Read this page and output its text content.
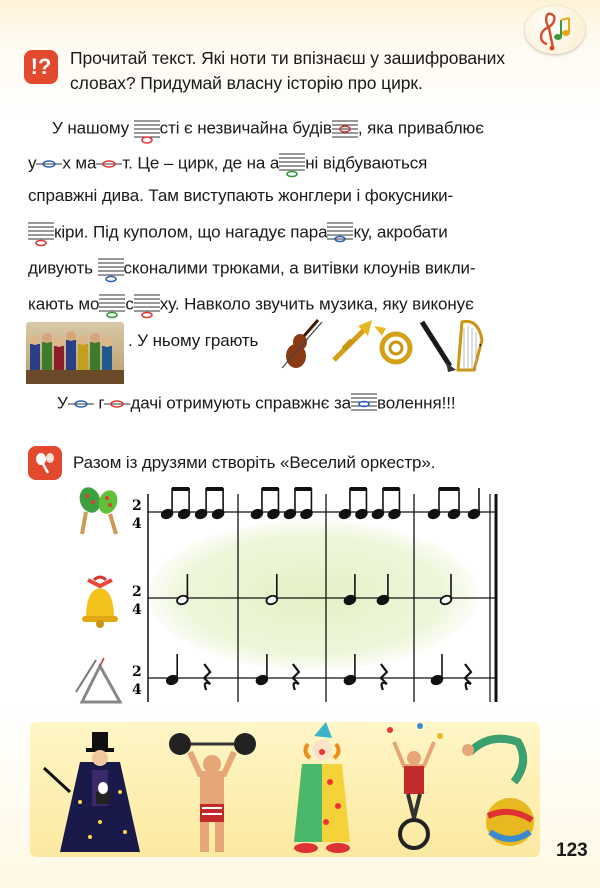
!?	Прочитай текст. Які ноти ти впізнаєш у зашифрованих
словах? Придумай власну історію про цирк.
У нашому сті є незвичайна будів , яка приваблює
у х ма т. Це – цирк, де на а ні відбуваються
справжні дива. Там виступають жонглери і фокусники-
кіри. Під куполом, що нагадує пара ку, акробати
дивують сконалими трюками, а витівки клоунів викли-
кають мо с ху. Навколо звучить музика, яку виконує
. У ньому грають	.
У г дачі отримують справжнє за волення!!!
Разом із друзями створіть «Веселий оркестр».
2
4
2
4
2
4
123
